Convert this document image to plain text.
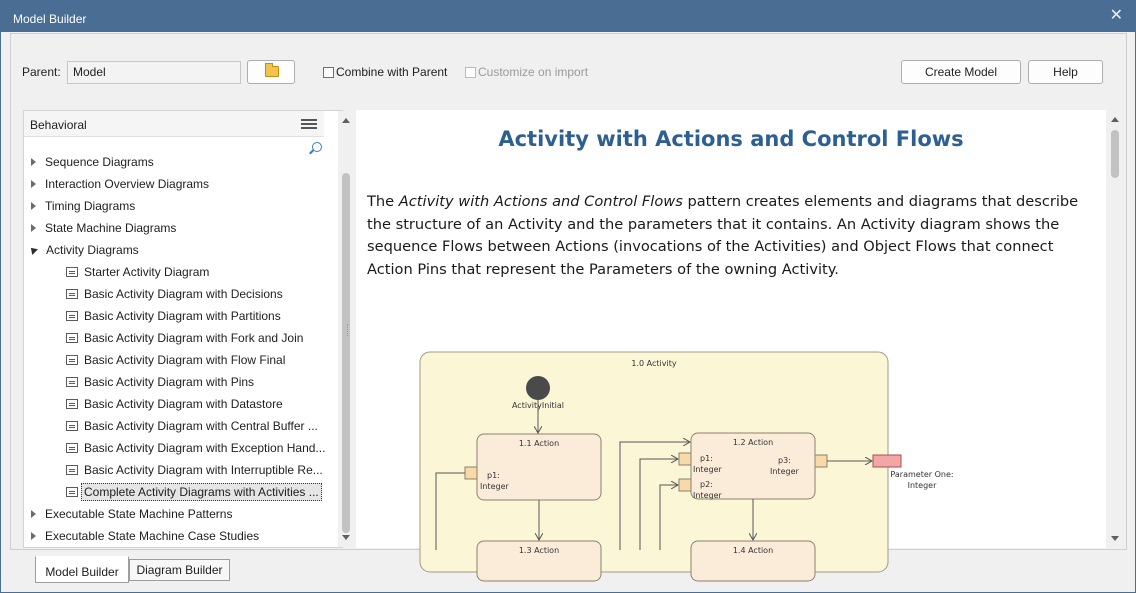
Model Builder	✕
Parent:	Model	Combine with Parent	Customize on import	Create Model	Help
Behavioral
Sequence Diagrams
Interaction Overview Diagrams
Timing Diagrams
State Machine Diagrams
Activity Diagrams
Starter Activity Diagram
Basic Activity Diagram with Decisions
Basic Activity Diagram with Partitions
Basic Activity Diagram with Fork and Join
Basic Activity Diagram with Flow Final
Basic Activity Diagram with Pins
Basic Activity Diagram with Datastore
Basic Activity Diagram with Central Buffer ...
Basic Activity Diagram with Exception Hand...
Basic Activity Diagram with Interruptible Re...
Complete Activity Diagrams with Activities ...
Executable State Machine Patterns
Executable State Machine Case Studies
Activity with Actions and Control Flows
The Activity with Actions and Control Flows pattern creates elements and diagrams that describe the structure of an Activity and the parameters that it contains. An Activity diagram shows the sequence Flows between Actions (invocations of the Activities) and Object Flows that connect Action Pins that represent the Parameters of the owning Activity.
1.0 Activity
ActivityInitial
1.1 Action
p1:
Integer
1.2 Action
p1:
Integer
p2:
Integer
p3:
Integer	Parameter One:
Integer
1.3 Action	1.4 Action
Model Builder	Diagram Builder
